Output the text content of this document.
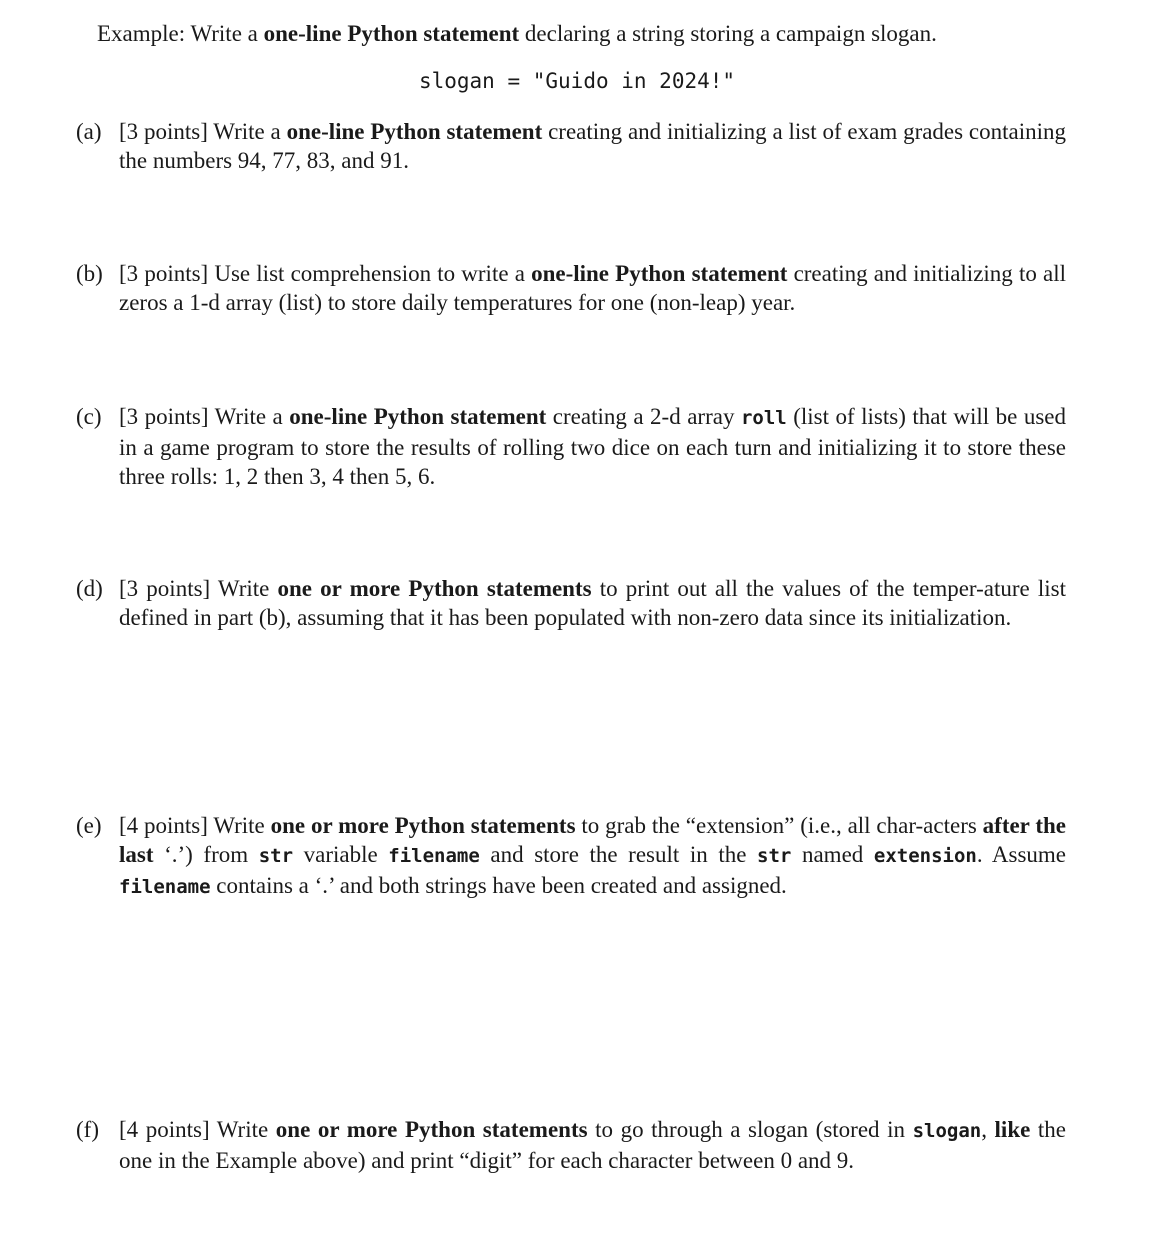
Example: Write a one-line Python statement declaring a string storing a campaign slogan.
slogan = "Guido in 2024!"
(a) [3 points] Write a one-line Python statement creating and initializing a list of exam grades containing the numbers 94, 77, 83, and 91.
(b) [3 points] Use list comprehension to write a one-line Python statement creating and initializing to all zeros a 1-d array (list) to store daily temperatures for one (non-leap) year.
(c) [3 points] Write a one-line Python statement creating a 2-d array roll (list of lists) that will be used in a game program to store the results of rolling two dice on each turn and initializing it to store these three rolls: 1, 2 then 3, 4 then 5, 6.
(d) [3 points] Write one or more Python statements to print out all the values of the temper-ature list defined in part (b), assuming that it has been populated with non-zero data since its initialization.
(e) [4 points] Write one or more Python statements to grab the “extension” (i.e., all char-acters after the last ‘.’) from str variable filename and store the result in the str named extension. Assume filename contains a ‘.’ and both strings have been created and assigned.
(f) [4 points] Write one or more Python statements to go through a slogan (stored in slogan, like the one in the Example above) and print “digit” for each character between 0 and 9.
